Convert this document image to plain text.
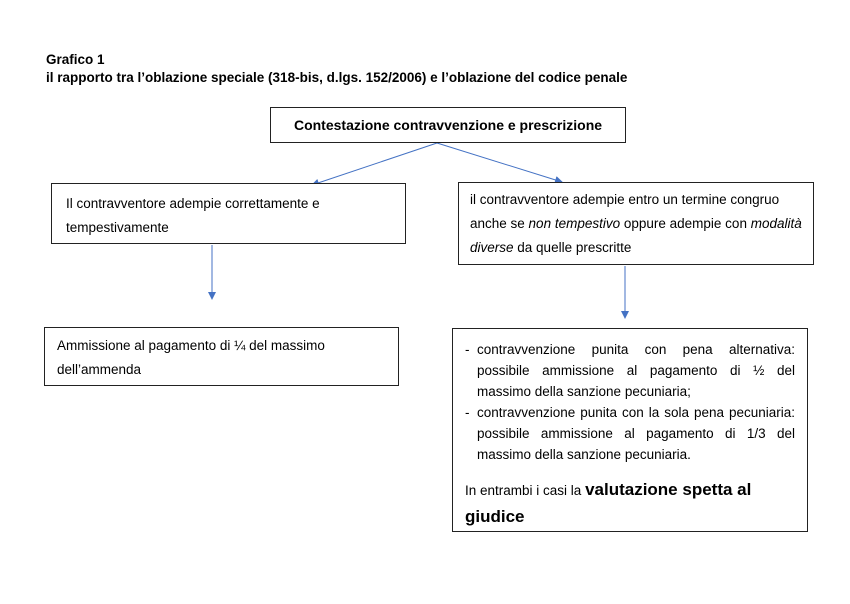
Grafico 1
il rapporto tra l’oblazione speciale (318-bis, d.lgs. 152/2006) e l’oblazione del codice penale
Contestazione contravvenzione e prescrizione
Il contravventore adempie correttamente e tempestivamente
il contravventore adempie entro un termine congruo anche se non tempestivo oppure adempie con modalità diverse da quelle prescritte
Ammissione al pagamento di ¼ del massimo dell’ammenda
- contravvenzione punita con pena alternativa: possibile ammissione al pagamento di ½ del massimo della sanzione pecuniaria;
- contravvenzione punita con la sola pena pecuniaria: possibile ammissione al pagamento di 1/3 del massimo della sanzione pecuniaria.
In entrambi i casi la valutazione spetta al giudice
